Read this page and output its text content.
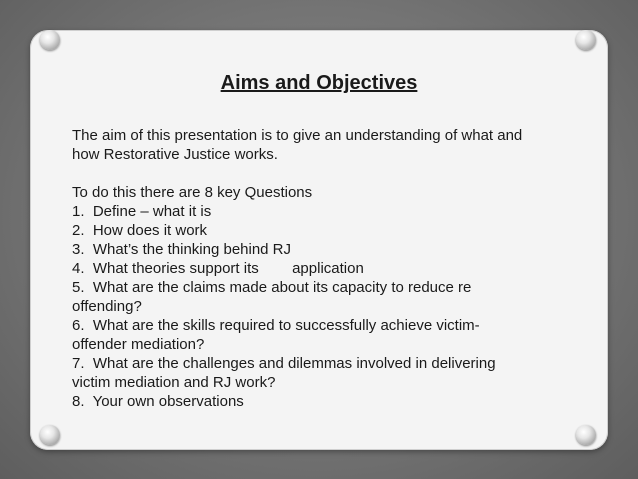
Aims and Objectives

The aim of this presentation is to give an understanding of what and

how Restorative Justice works.

To do this there are 8 key Questions

1.  Define – what it is
2.  How does it work
3.  What’s the thinking behind RJ
4.  What theories support its        application
5.  What are the claims made about its capacity to reduce re
offending?
6.  What are the skills required to successfully achieve victim-
offender mediation?
7.  What are the challenges and dilemmas involved in delivering
victim mediation and RJ work?
8.  Your own observations
